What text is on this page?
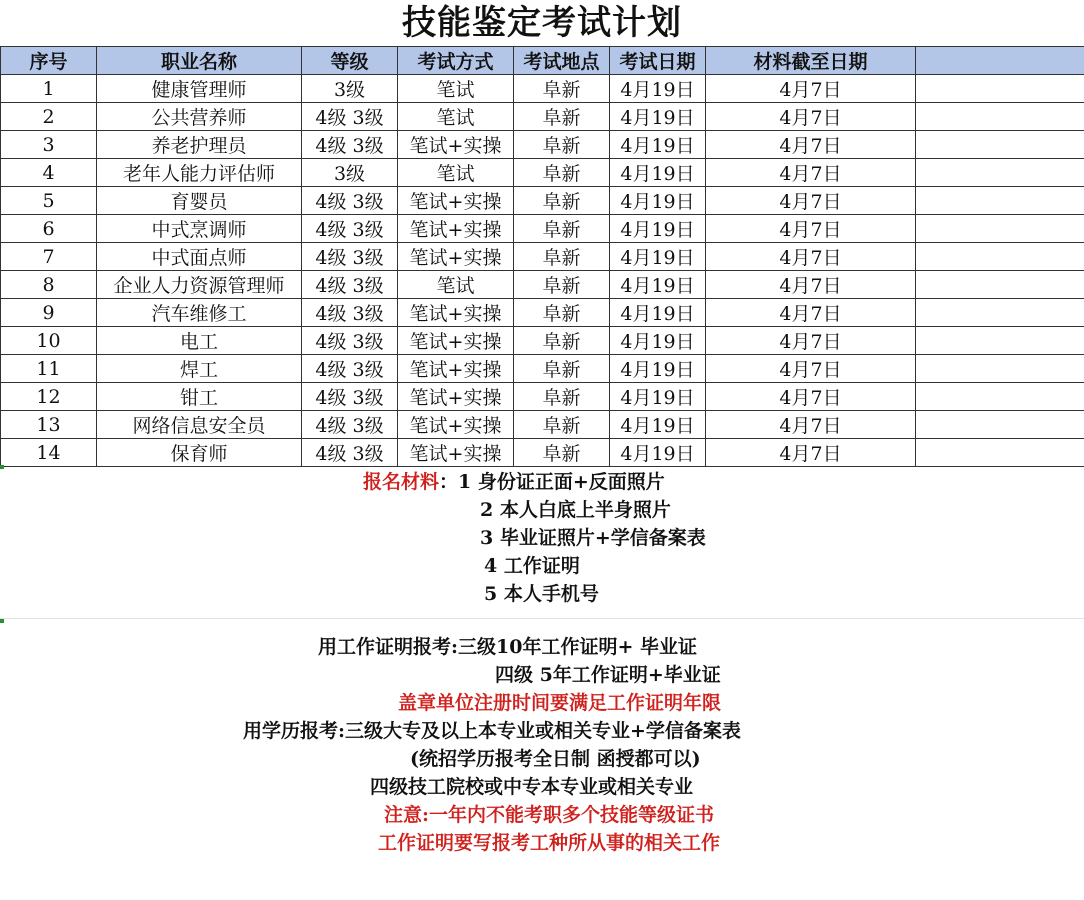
技能鉴定考试计划
序号	职业名称	等级	考试方式	考试地点	考试日期	材料截至日期	
1	健康管理师	3级	笔试	阜新	4月19日	4月7日	
2	公共营养师	4级 3级	笔试	阜新	4月19日	4月7日	
3	养老护理员	4级 3级	笔试+实操	阜新	4月19日	4月7日	
4	老年人能力评估师	3级	笔试	阜新	4月19日	4月7日	
5	育婴员	4级 3级	笔试+实操	阜新	4月19日	4月7日	
6	中式烹调师	4级 3级	笔试+实操	阜新	4月19日	4月7日	
7	中式面点师	4级 3级	笔试+实操	阜新	4月19日	4月7日	
8	企业人力资源管理师	4级 3级	笔试	阜新	4月19日	4月7日	
9	汽车维修工	4级 3级	笔试+实操	阜新	4月19日	4月7日	
10	电工	4级 3级	笔试+实操	阜新	4月19日	4月7日	
11	焊工	4级 3级	笔试+实操	阜新	4月19日	4月7日	
12	钳工	4级 3级	笔试+实操	阜新	4月19日	4月7日	
13	网络信息安全员	4级 3级	笔试+实操	阜新	4月19日	4月7日	
14	保育师	4级 3级	笔试+实操	阜新	4月19日	4月7日	
报名材料：1 身份证正面+反面照片
2 本人白底上半身照片
3 毕业证照片+学信备案表
4 工作证明
5 本人手机号
用工作证明报考:三级10年工作证明+ 毕业证
四级 5年工作证明+毕业证
盖章单位注册时间要满足工作证明年限
用学历报考:三级大专及以上本专业或相关专业+学信备案表
(统招学历报考全日制 函授都可以)
四级技工院校或中专本专业或相关专业
注意:一年内不能考职多个技能等级证书
工作证明要写报考工种所从事的相关工作
